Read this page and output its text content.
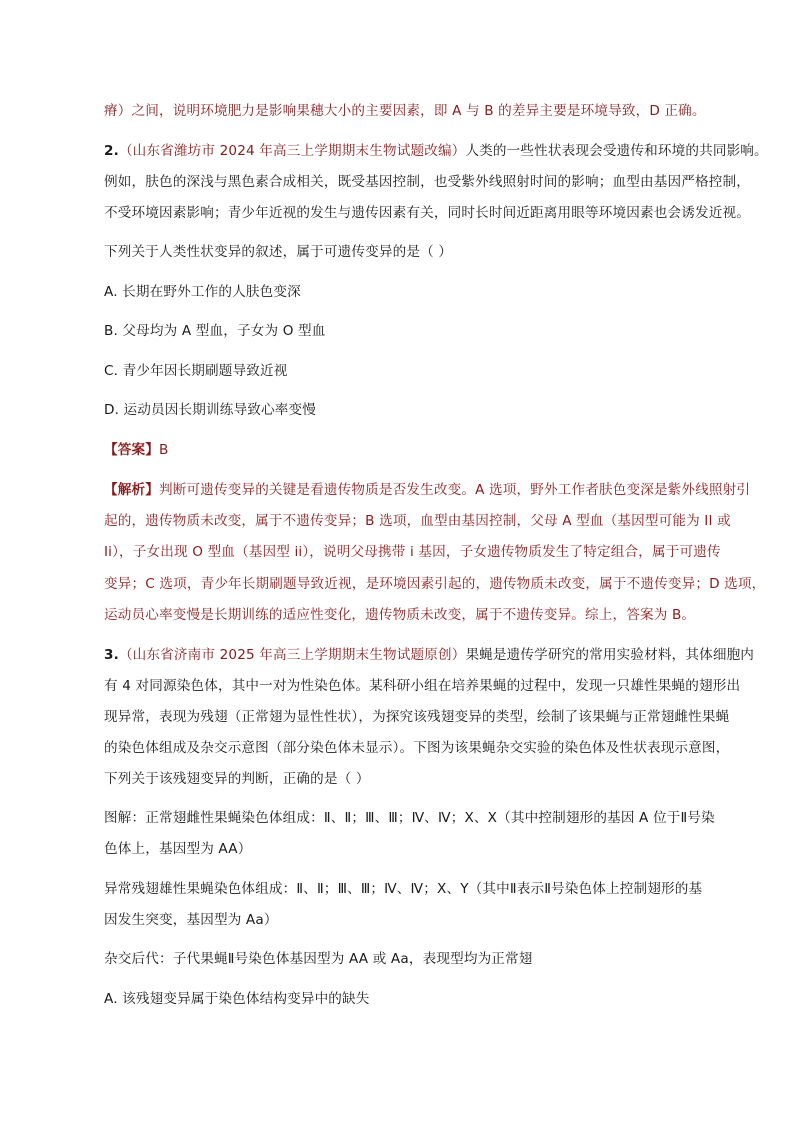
瘠）之间，说明环境肥力是影响果穗大小的主要因素，即 A 与 B 的差异主要是环境导致，D 正确。
2.（山东省潍坊市 2024 年高三上学期期末生物试题改编）人类的一些性状表现会受遗传和环境的共同影响。
例如，肤色的深浅与黑色素合成相关，既受基因控制，也受紫外线照射时间的影响；血型由基因严格控制，
不受环境因素影响；青少年近视的发生与遗传因素有关，同时长时间近距离用眼等环境因素也会诱发近视。
下列关于人类性状变异的叙述，属于可遗传变异的是（ ）
A. 长期在野外工作的人肤色变深
B. 父母均为 A 型血，子女为 O 型血
C. 青少年因长期刷题导致近视
D. 运动员因长期训练导致心率变慢
【答案】B
【解析】判断可遗传变异的关键是看遗传物质是否发生改变。A 选项，野外工作者肤色变深是紫外线照射引
起的，遗传物质未改变，属于不遗传变异；B 选项，血型由基因控制，父母 A 型血（基因型可能为 II 或
Ii），子女出现 O 型血（基因型 ii），说明父母携带 i 基因，子女遗传物质发生了特定组合，属于可遗传
变异；C 选项，青少年长期刷题导致近视，是环境因素引起的，遗传物质未改变，属于不遗传变异；D 选项，
运动员心率变慢是长期训练的适应性变化，遗传物质未改变，属于不遗传变异。综上，答案为 B。
3.（山东省济南市 2025 年高三上学期期末生物试题原创）果蝇是遗传学研究的常用实验材料，其体细胞内
有 4 对同源染色体，其中一对为性染色体。某科研小组在培养果蝇的过程中，发现一只雄性果蝇的翅形出
现异常，表现为残翅（正常翅为显性性状），为探究该残翅变异的类型，绘制了该果蝇与正常翅雌性果蝇
的染色体组成及杂交示意图（部分染色体未显示）。下图为该果蝇杂交实验的染色体及性状表现示意图，
下列关于该残翅变异的判断，正确的是（ ）
图解：正常翅雌性果蝇染色体组成：Ⅱ、Ⅱ；Ⅲ、Ⅲ；Ⅳ、Ⅳ；X、X（其中控制翅形的基因 A 位于Ⅱ号染
色体上，基因型为 AA）
异常残翅雄性果蝇染色体组成：Ⅱ、Ⅱ；Ⅲ、Ⅲ；Ⅳ、Ⅳ；X、Y（其中Ⅱ表示Ⅱ号染色体上控制翅形的基
因发生突变，基因型为 Aa）
杂交后代：子代果蝇Ⅱ号染色体基因型为 AA 或 Aa，表现型均为正常翅
A. 该残翅变异属于染色体结构变异中的缺失
